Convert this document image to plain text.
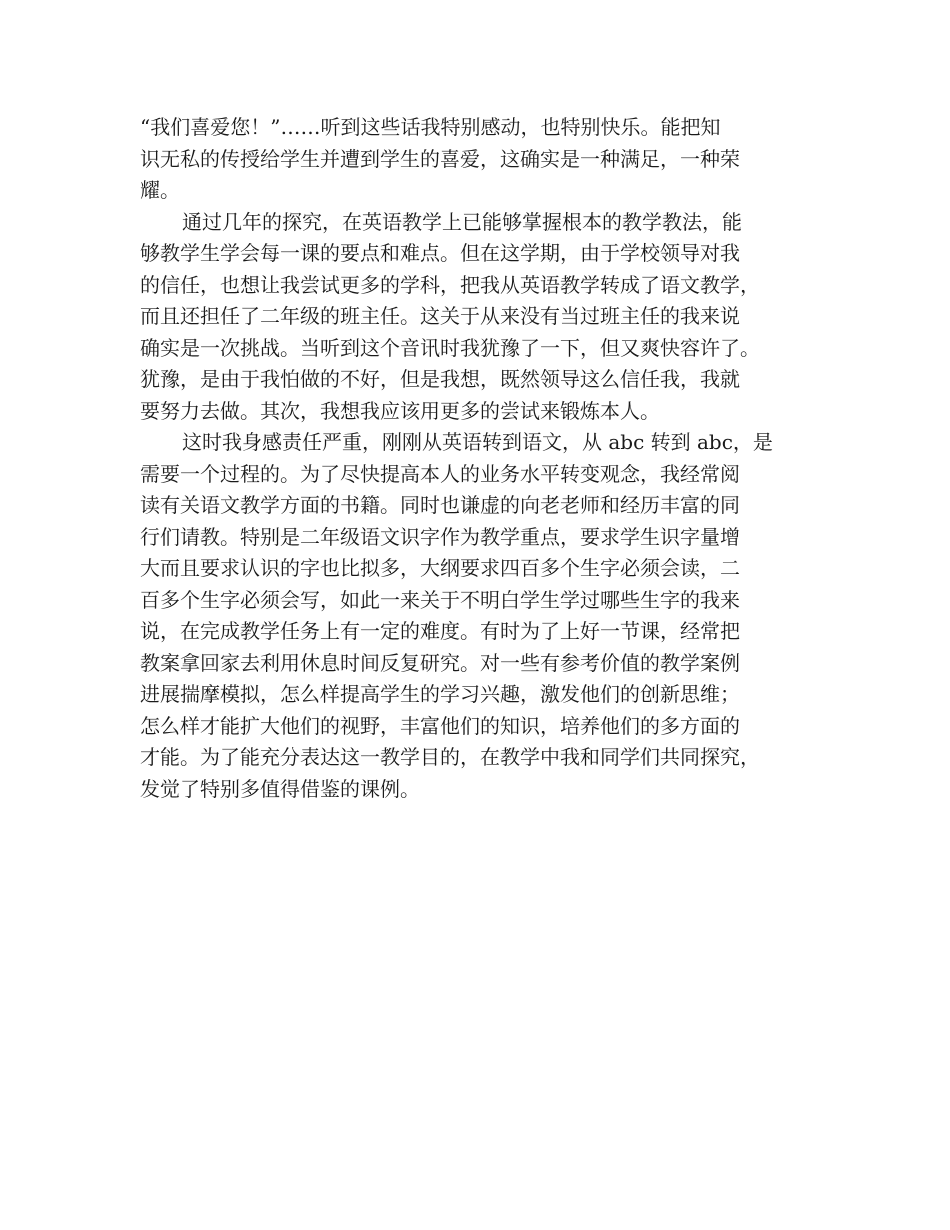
“我们喜爱您！”……听到这些话我特别感动，也特别快乐。能把知
识无私的传授给学生并遭到学生的喜爱，这确实是一种满足，一种荣
耀。
通过几年的探究，在英语教学上已能够掌握根本的教学教法，能
够教学生学会每一课的要点和难点。但在这学期，由于学校领导对我
的信任，也想让我尝试更多的学科，把我从英语教学转成了语文教学，
而且还担任了二年级的班主任。这关于从来没有当过班主任的我来说
确实是一次挑战。当听到这个音讯时我犹豫了一下，但又爽快容许了。
犹豫，是由于我怕做的不好，但是我想，既然领导这么信任我，我就
要努力去做。其次，我想我应该用更多的尝试来锻炼本人。
这时我身感责任严重，刚刚从英语转到语文，从 abc 转到 abc，是
需要一个过程的。为了尽快提高本人的业务水平转变观念，我经常阅
读有关语文教学方面的书籍。同时也谦虚的向老老师和经历丰富的同
行们请教。特别是二年级语文识字作为教学重点，要求学生识字量增
大而且要求认识的字也比拟多，大纲要求四百多个生字必须会读，二
百多个生字必须会写，如此一来关于不明白学生学过哪些生字的我来
说，在完成教学任务上有一定的难度。有时为了上好一节课，经常把
教案拿回家去利用休息时间反复研究。对一些有参考价值的教学案例
进展揣摩模拟，怎么样提高学生的学习兴趣，激发他们的创新思维；
怎么样才能扩大他们的视野，丰富他们的知识，培养他们的多方面的
才能。为了能充分表达这一教学目的，在教学中我和同学们共同探究，
发觉了特别多值得借鉴的课例。
